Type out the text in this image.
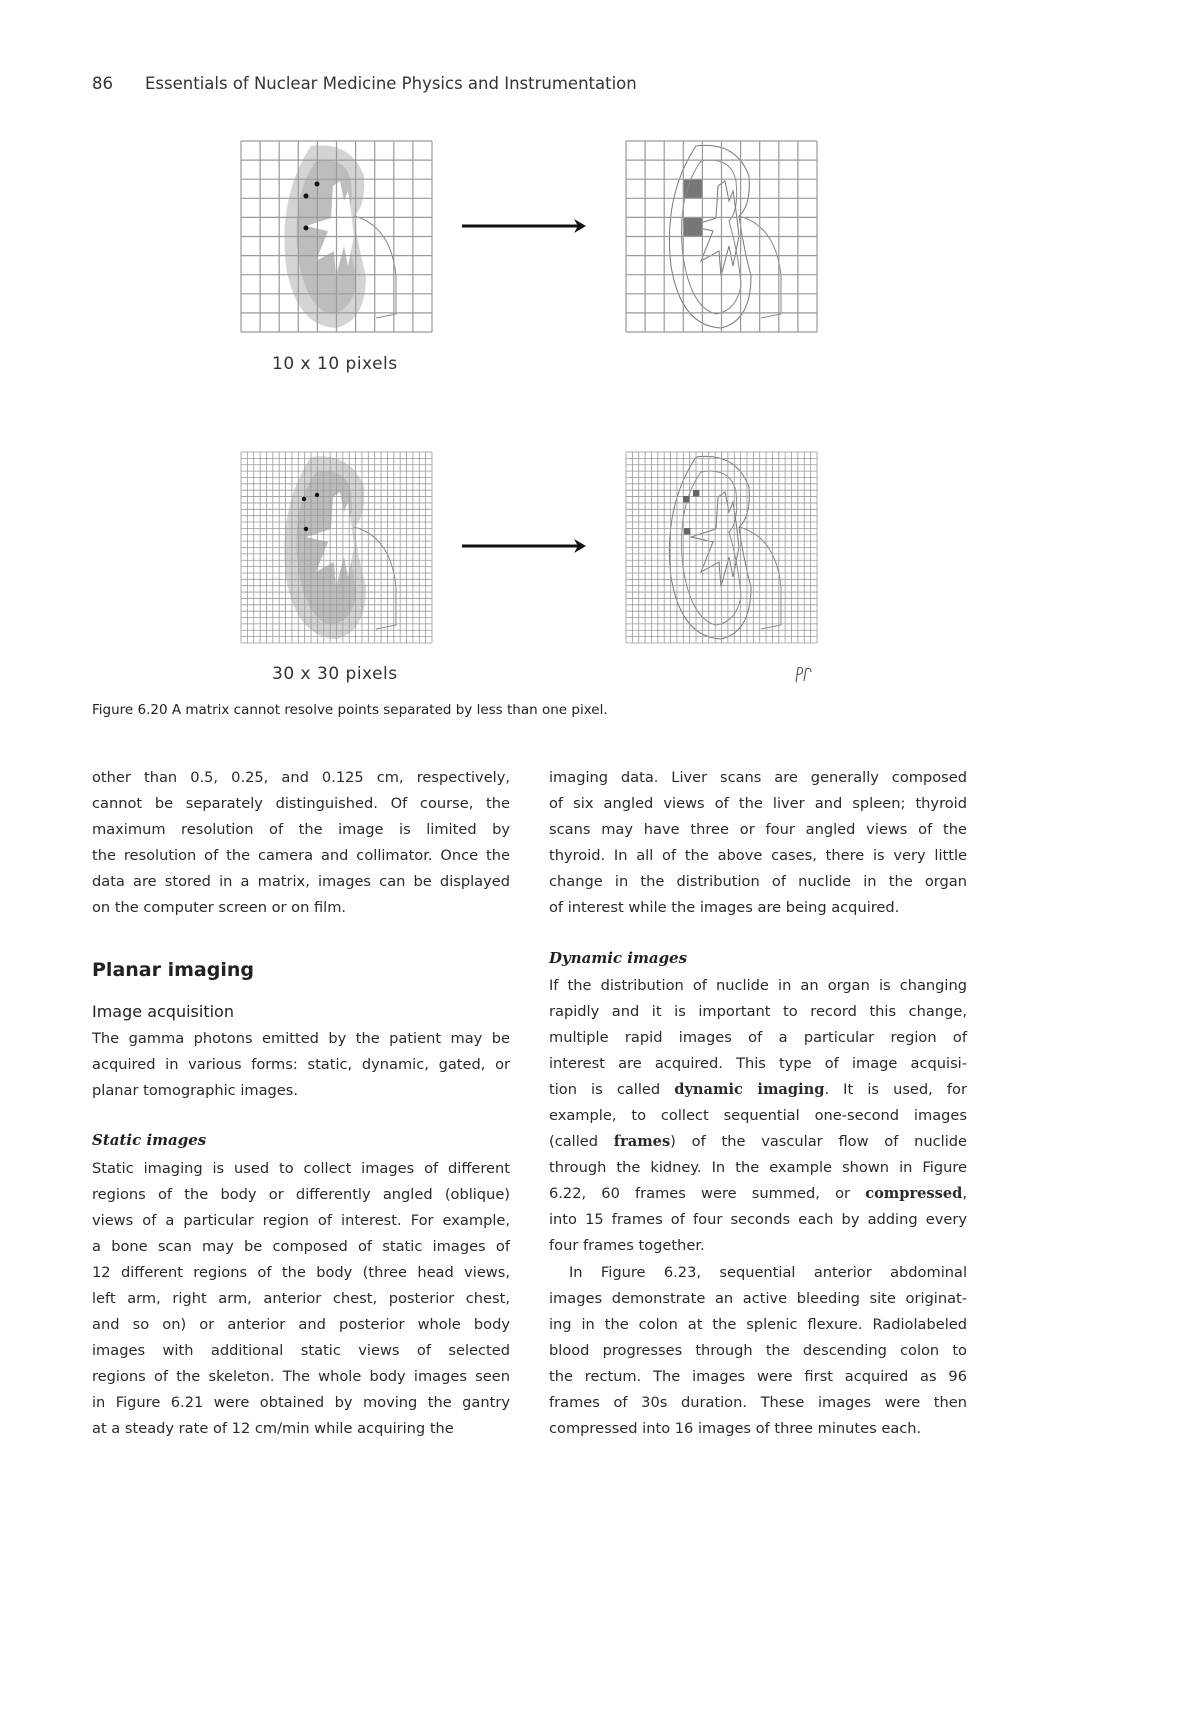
86 Essentials of Nuclear Medicine Physics and Instrumentation
10 x 10 pixels
30 x 30 pixels
Figure 6.20 A matrix cannot resolve points separated by less than one pixel.
other than 0.5, 0.25, and 0.125 cm, respectively,
cannot be separately distinguished. Of course, the
maximum resolution of the image is limited by
the resolution of the camera and collimator. Once the
data are stored in a matrix, images can be displayed
on the computer screen or on film.
Planar imaging
Image acquisition
The gamma photons emitted by the patient may be
acquired in various forms: static, dynamic, gated, or
planar tomographic images.
Static images
Static imaging is used to collect images of different
regions of the body or differently angled (oblique)
views of a particular region of interest. For example,
a bone scan may be composed of static images of
12 different regions of the body (three head views,
left arm, right arm, anterior chest, posterior chest,
and so on) or anterior and posterior whole body
images with additional static views of selected
regions of the skeleton. The whole body images seen
in Figure 6.21 were obtained by moving the gantry
at a steady rate of 12 cm/min while acquiring the
imaging data. Liver scans are generally composed
of six angled views of the liver and spleen; thyroid
scans may have three or four angled views of the
thyroid. In all of the above cases, there is very little
change in the distribution of nuclide in the organ
of interest while the images are being acquired.
Dynamic images
If the distribution of nuclide in an organ is changing
rapidly and it is important to record this change,
multiple rapid images of a particular region of
interest are acquired. This type of image acquisi-
tion is called dynamic imaging. It is used, for
example, to collect sequential one-second images
(called frames) of the vascular flow of nuclide
through the kidney. In the example shown in Figure
6.22, 60 frames were summed, or compressed,
into 15 frames of four seconds each by adding every
four frames together.
In Figure 6.23, sequential anterior abdominal
images demonstrate an active bleeding site originat-
ing in the colon at the splenic flexure. Radiolabeled
blood progresses through the descending colon to
the rectum. The images were first acquired as 96
frames of 30s duration. These images were then
compressed into 16 images of three minutes each.
